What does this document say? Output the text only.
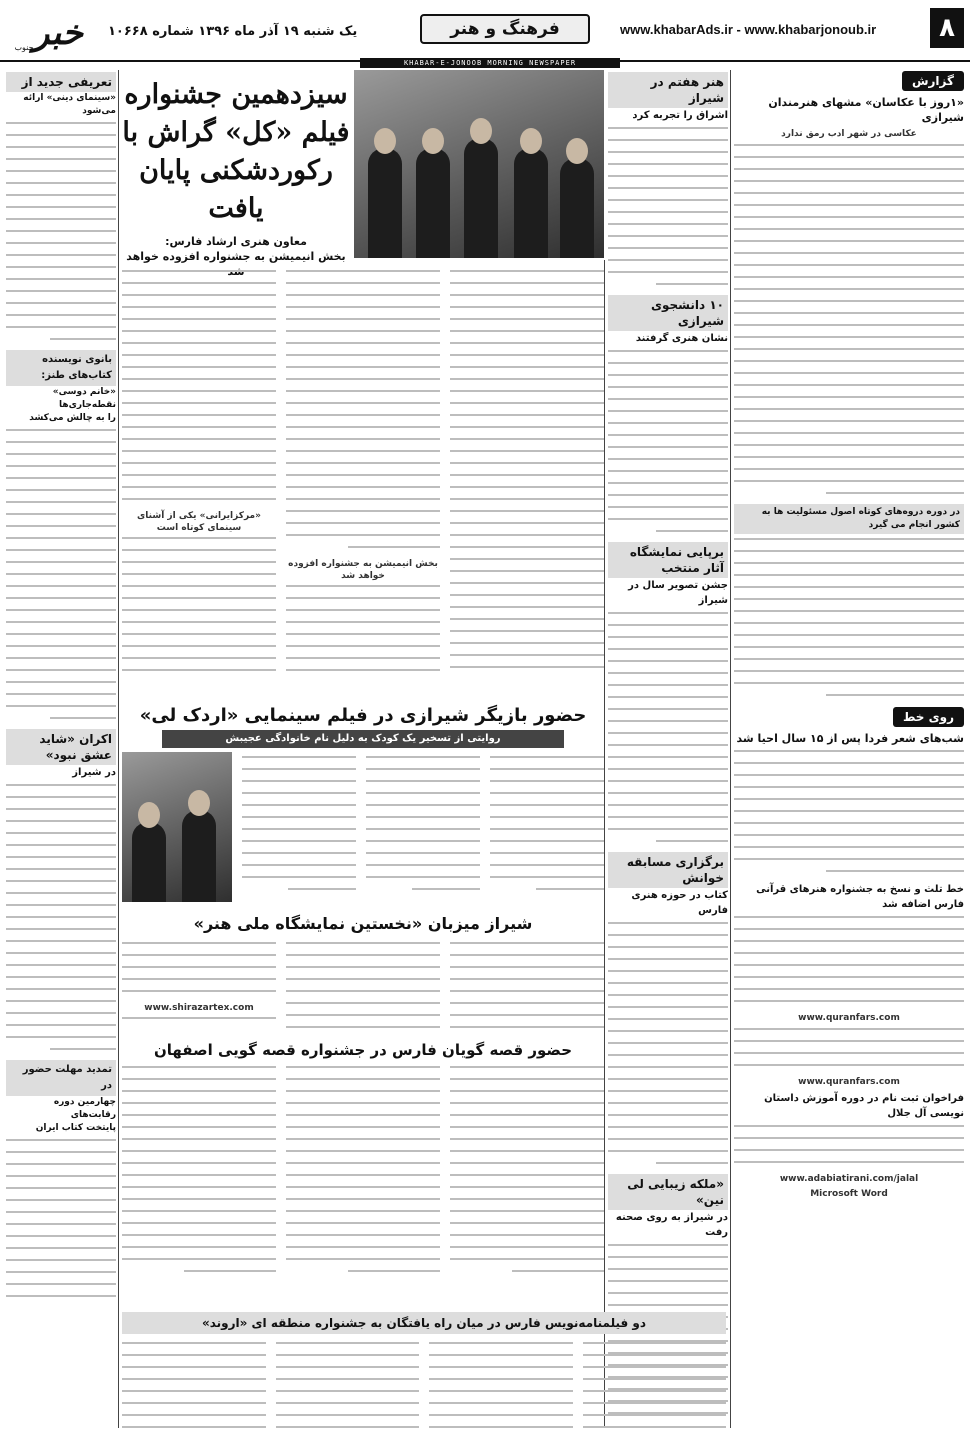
۸
www.khabarAds.ir - www.khabarjonoub.ir
فرهنگ و هنر
یک شنبه ۱۹ آذر ماه ۱۳۹۶ شماره ۱۰۶۶۸
خبر
جنوب
KHABAR-E-JONOOB MORNING NEWSPAPER
گزارش
«۱روز با عکاسان» مشهای هنرمندان شیرازی
عکاسی در شهر ادب رمق ندارد
در دوره دروه‌های کوتاه اصول مسئولیت ها به کشور انجام می گیرد
روی خط
شب‌های شعر فردا پس از ۱۵ سال احیا شد
خط تلث و نسخ به جشنواره هنرهای قرآنی فارس اضافه شد
www.quranfars.com
www.quranfars.com
فراخوان ثبت نام در دوره آموزش داستان نویسی آل جلال
www.adabiatirani.com/jalal
Microsoft Word
هنر هفتم در شیراز
اشراق را تجربه کرد
۱۰ دانشجوی شیرازی
نشان هنری گرفتند
برپایی نمایشگاه آثار منتخب
جشن تصویر سال در شیراز
برگزاری مسابقه خوانش
کتاب در حوزه هنری فارس
«ملکه زیبایی لی نین»
در شیراز به روی صحنه رفت
سیزدهمین جشنواره
فیلم «کل» گراش با
رکوردشکنی پایان یافت
معاون هنری ارشاد فارس:
بخش انیمیشن به جشنواره افزوده خواهد
بخش انیمیشن به جشنواره افزوده خواهد شد
«مرکزایرانی» یکی از آشنای سینمای کوتاه است
حضور بازیگر شیرازی در فیلم سینمایی «اردک لی»
روایتی از تسخیر یک کودک به دلیل نام خانوادگی عجیبش
شیراز میزبان «نخستین نمایشگاه ملی هنر»
www.shirazartex.com
حضور قصه گویان فارس در جشنواره قصه گویی اصفهان
دو فیلمنامه‌نویس فارس در میان راه یافتگان به جشنواره منطقه ای «اروند»
تعریفی جدید از
«سینمای دینی» ارائه می‌شود
بانوی نویسنده کتاب‌های طنز:
«خانم دوسی» نقطه‌جاری‌ها
را به چالش می‌کشد
اکران «شاید عشق نبود»
در شیراز
تمدید مهلت حضور در
چهارمین دوره رقابت‌های
پایتخت کتاب ایران
